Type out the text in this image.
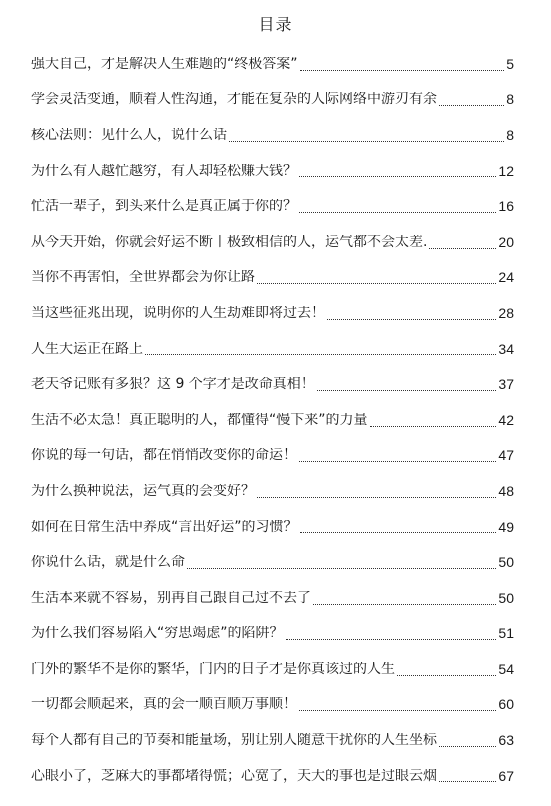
目录
强大自己，才是解决人生难题的“终极答案”	5
学会灵活变通，顺着人性沟通，才能在复杂的人际网络中游刃有余	8
核心法则：见什么人，说什么话	8
为什么有人越忙越穷，有人却轻松赚大钱？	12
忙活一辈子，到头来什么是真正属于你的？	16
从今天开始，你就会好运不断丨极致相信的人，运气都不会太差.	20
当你不再害怕，全世界都会为你让路	24
当这些征兆出现，说明你的人生劫难即将过去！	28
人生大运正在路上	34
老天爷记账有多狠？这 9 个字才是改命真相！	37
生活不必太急！真正聪明的人，都懂得“慢下来”的力量	42
你说的每一句话，都在悄悄改变你的命运！	47
为什么换种说法，运气真的会变好？	48
如何在日常生活中养成“言出好运”的习惯？	49
你说什么话，就是什么命	50
生活本来就不容易，别再自己跟自己过不去了	50
为什么我们容易陷入“穷思竭虑”的陷阱？	51
门外的繁华不是你的繁华，门内的日子才是你真该过的人生	54
一切都会顺起来，真的会一顺百顺万事顺！	60
每个人都有自己的节奏和能量场，别让别人随意干扰你的人生坐标	63
心眼小了，芝麻大的事都堵得慌；心宽了，天大的事也是过眼云烟	67
